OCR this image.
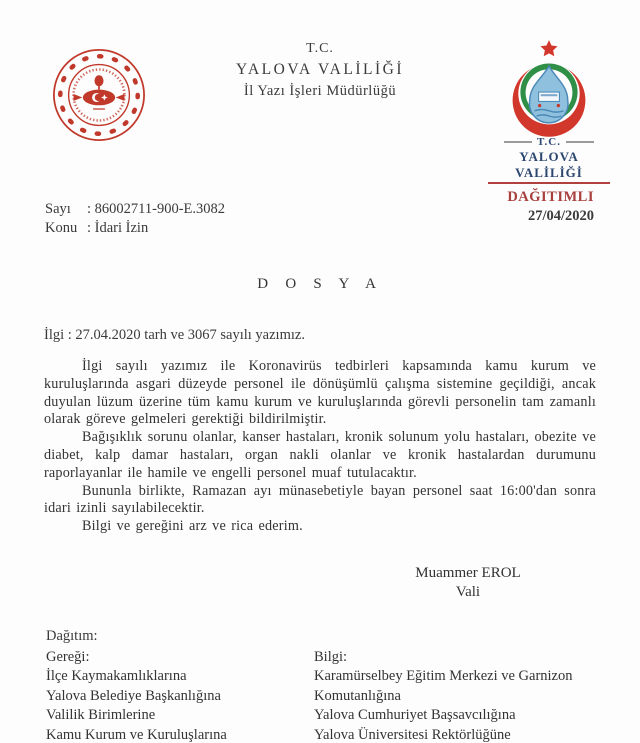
T.C.
YALOVA VALİLİĞİ
İl Yazı İşleri Müdürlüğü
T.C.
YALOVA VALİLİĞİ
DAĞITIMLI
27/04/2020
Sayı	: 86002711-900-E.3082
Konu : İdari İzin
D O S Y A
İlgi : 27.04.2020 tarh ve 3067 sayılı yazımız.

İlgi sayılı yazımız ile Koronavirüs tedbirleri kapsamında kamu kurum ve kuruluşlarında asgari düzeyde personel ile dönüşümlü çalışma sistemine geçildiği, ancak duyulan lüzum üzerine tüm kamu kurum ve kuruluşlarında görevli personelin tam zamanlı olarak göreve gelmeleri gerektiği bildirilmiştir.

Bağışıklık sorunu olanlar, kanser hastaları, kronik solunum yolu hastaları, obezite ve diabet, kalp damar hastaları, organ nakli olanlar ve kronik hastalardan durumunu raporlayanlar ile hamile ve engelli personel muaf tutulacaktır.

Bununla birlikte, Ramazan ayı münasebetiyle bayan personel saat 16:00'dan sonra idari izinli sayılabilecektir.

Bilgi ve gereğini arz ve rica ederim.

Muammer EROL
Vali
Dağıtım:
Gereği:
İlçe Kaymakamlıklarına
Yalova Belediye Başkanlığına
Valilik Birimlerine
Kamu Kurum ve Kuruluşlarına
Bilgi:
Karamürselbey Eğitim Merkezi ve Garnizon Komutanlığına
Yalova Cumhuriyet Başsavcılığına
Yalova Üniversitesi Rektörlüğüne
